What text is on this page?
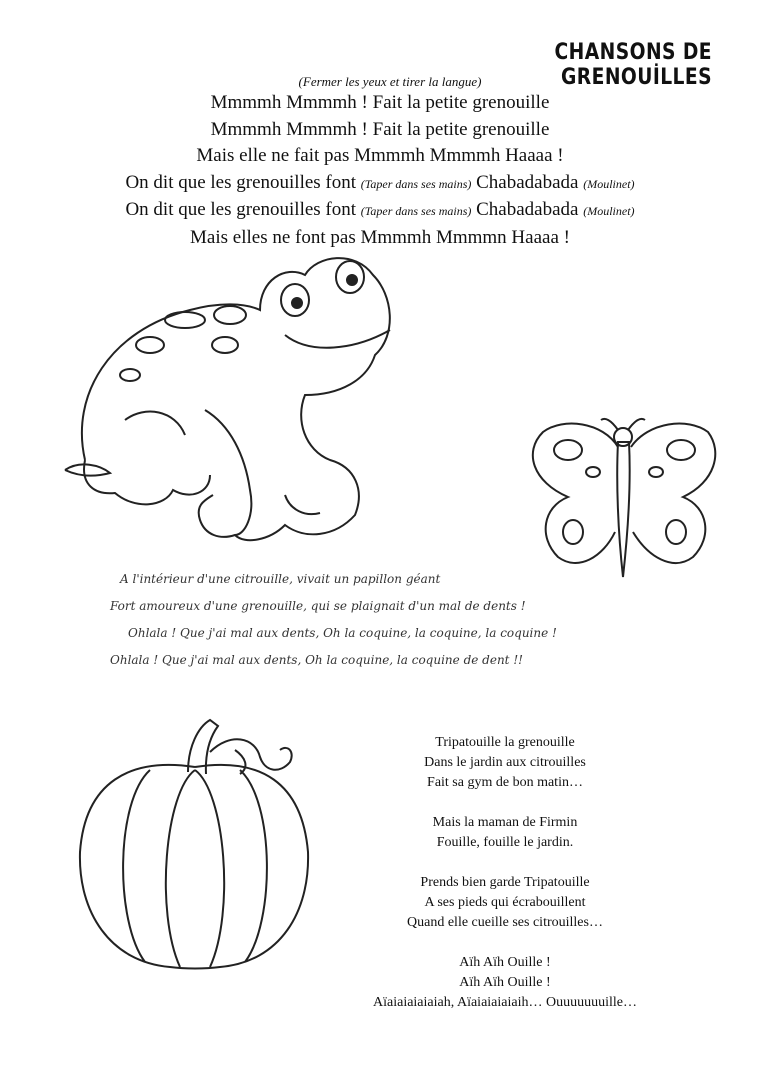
CHANSONS DE GRENOUİLLES
(Fermer les yeux et tirer la langue)
Mmmmh Mmmmh ! Fait la petite grenouille
Mmmmh Mmmmh ! Fait la petite grenouille
Mais elle ne fait pas Mmmmh Mmmmh Haaaa !
On dit que les grenouilles font (Taper dans ses mains) Chabadabada (Moulinet)
On dit que les grenouilles font (Taper dans ses mains) Chabadabada (Moulinet)
Mais elles ne font pas Mmmmh Mmmmn Haaaa !
A l'intérieur d'une citrouille, vivait un papillon géant
Fort amoureux d'une grenouille, qui se plaignait d'un mal de dents !
Ohlala ! Que j'ai mal aux dents, Oh la coquine, la coquine, la coquine !
Ohlala ! Que j'ai mal aux dents, Oh la coquine, la coquine de dent !!
Tripatouille la grenouille
Dans le jardin aux citrouilles
Fait sa gym de bon matin…
Mais la maman de Firmin
Fouille, fouille le jardin.
Prends bien garde Tripatouille
A ses pieds qui écrabouillent
Quand elle cueille ses citrouilles…
Aïh Aïh Ouille !
Aïh Aïh Ouille !
Aïaiaiaiaiaiah, Aïaiaiaiaiaih… Ouuuuuuuille…
